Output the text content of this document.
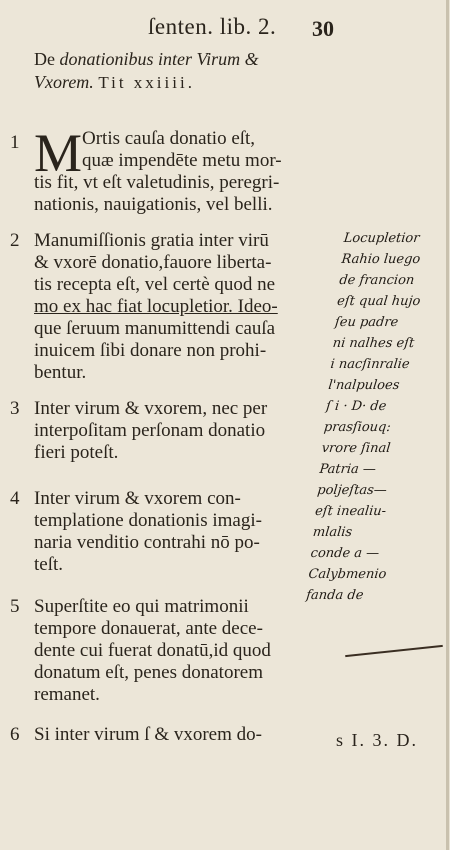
ſenten. lib. 2. 30
De donationibus inter Virum &
Vxorem. Tit xxiiii.
1 M Ortis cauſa donatio eſt,
quæ impendēte metu mor-
tis fit, vt eſt valetudinis, peregri-
nationis, nauigationis, vel belli.
2 Manumiſſionis gratia inter virū
& vxorē donatio,fauore liberta-
tis recepta eſt, vel certè quod ne
mo ex hac fiat locupletior. Ideo-
que ſeruum manumittendi cauſa
inuicem ſibi donare non prohi-
bentur.
3 Inter virum & vxorem, nec per
interpoſitam perſonam donatio
fieri poteſt.
4 Inter virum & vxorem con-
templatione donationis imagi-
naria venditio contrahi nō po-
teſt.
5 Superſtite eo qui matrimonii
tempore donauerat, ante dece-
dente cui fuerat donatū,id quod
donatum eſt, penes donatorem
remanet.
6 Si inter virum ſ & vxorem do-	s I. 3. D.
Locupletior
Rahio luego
de francion
eſt qual hujo
ſeu padre
ni nalhes eſt
i nacſinralie
l'nalpuloes
ſ i · D· de
prasſiouq:
vrore ſinal
Patria —
poljeſtas—
eſt inealiu-
mlalis
conde a —
Calybmenio
fanda de
